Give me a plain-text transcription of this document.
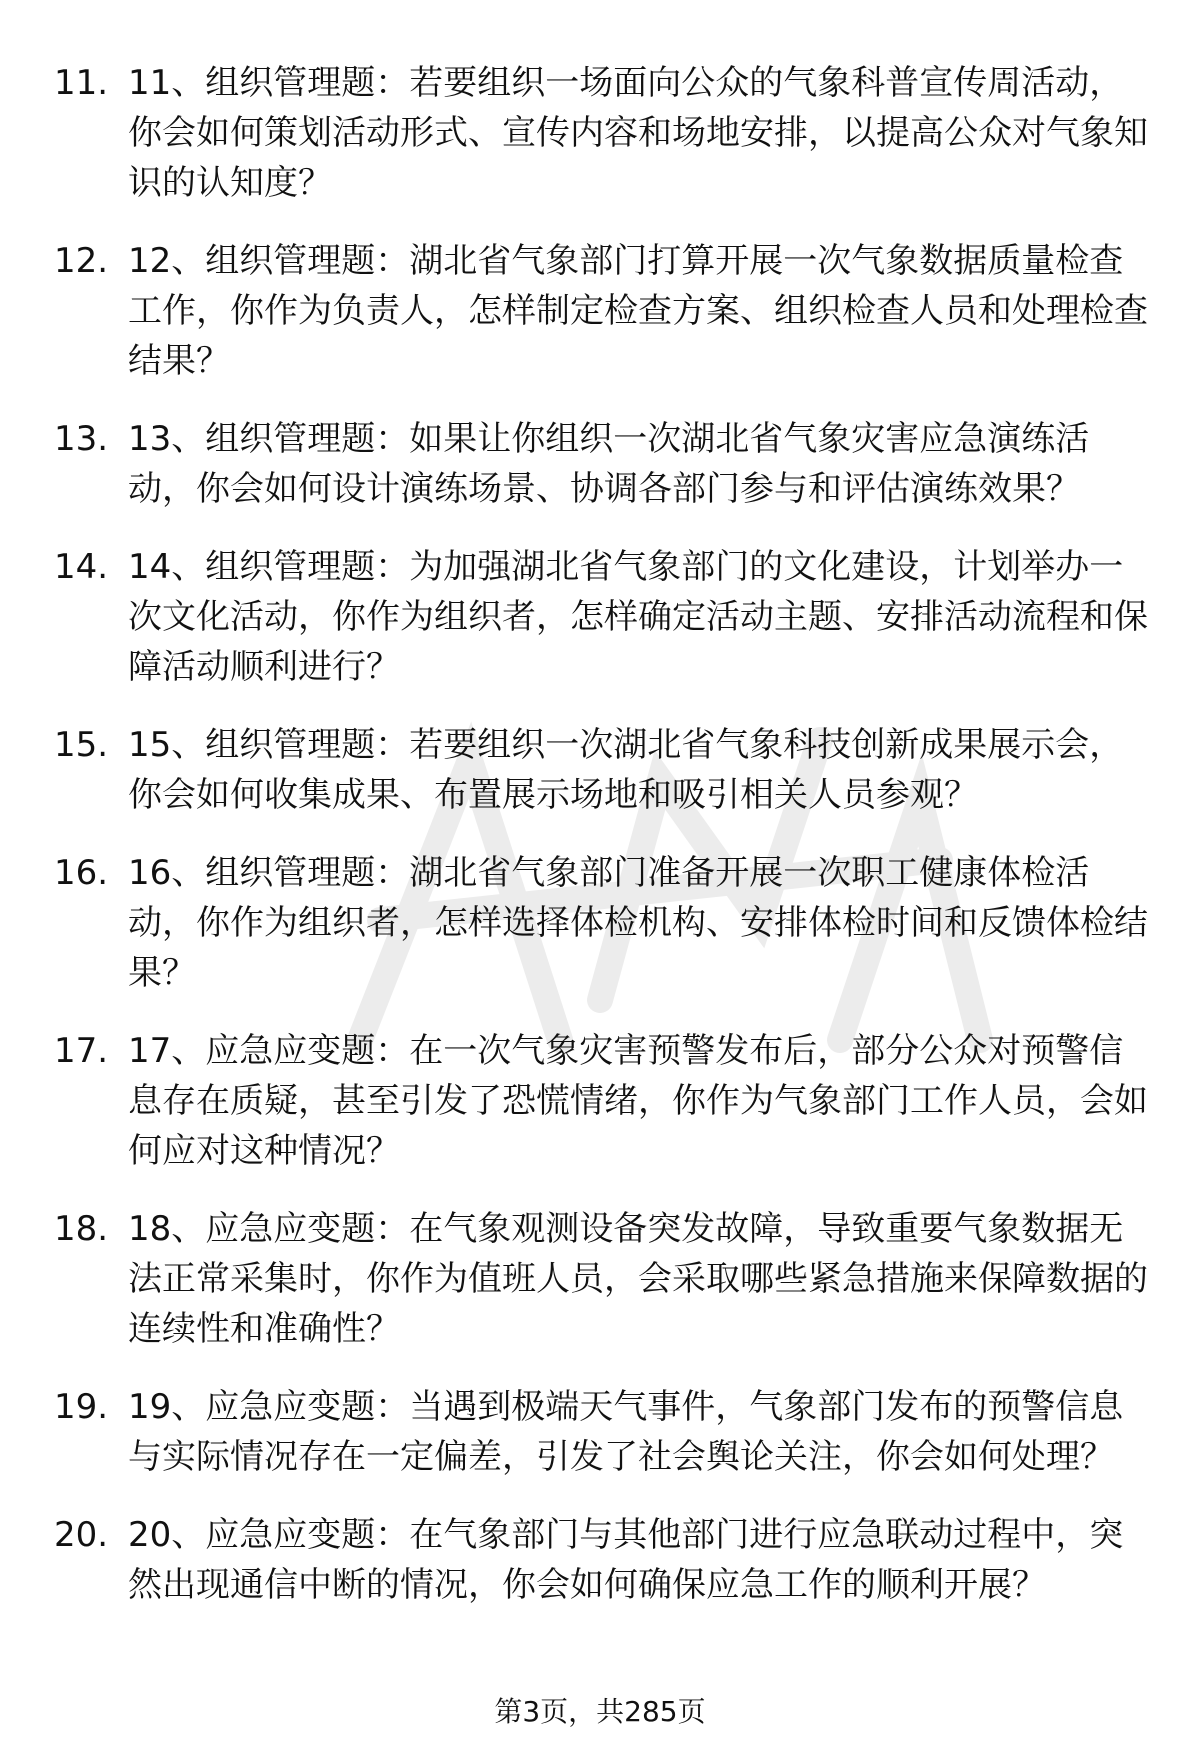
11. 11、组织管理题：若要组织一场面向公众的气象科普宣传周活动，你会如何策划活动形式、宣传内容和场地安排，以提高公众对气象知识的认知度？
12. 12、组织管理题：湖北省气象部门打算开展一次气象数据质量检查工作，你作为负责人，怎样制定检查方案、组织检查人员和处理检查结果？
13. 13、组织管理题：如果让你组织一次湖北省气象灾害应急演练活动，你会如何设计演练场景、协调各部门参与和评估演练效果？
14. 14、组织管理题：为加强湖北省气象部门的文化建设，计划举办一次文化活动，你作为组织者，怎样确定活动主题、安排活动流程和保障活动顺利进行？
15. 15、组织管理题：若要组织一次湖北省气象科技创新成果展示会，你会如何收集成果、布置展示场地和吸引相关人员参观？
16. 16、组织管理题：湖北省气象部门准备开展一次职工健康体检活动，你作为组织者，怎样选择体检机构、安排体检时间和反馈体检结果？
17. 17、应急应变题：在一次气象灾害预警发布后，部分公众对预警信息存在质疑，甚至引发了恐慌情绪，你作为气象部门工作人员，会如何应对这种情况？
18. 18、应急应变题：在气象观测设备突发故障，导致重要气象数据无法正常采集时，你作为值班人员，会采取哪些紧急措施来保障数据的连续性和准确性？
19. 19、应急应变题：当遇到极端天气事件，气象部门发布的预警信息与实际情况存在一定偏差，引发了社会舆论关注，你会如何处理？
20. 20、应急应变题：在气象部门与其他部门进行应急联动过程中，突然出现通信中断的情况，你会如何确保应急工作的顺利开展？
第3页，共285页
